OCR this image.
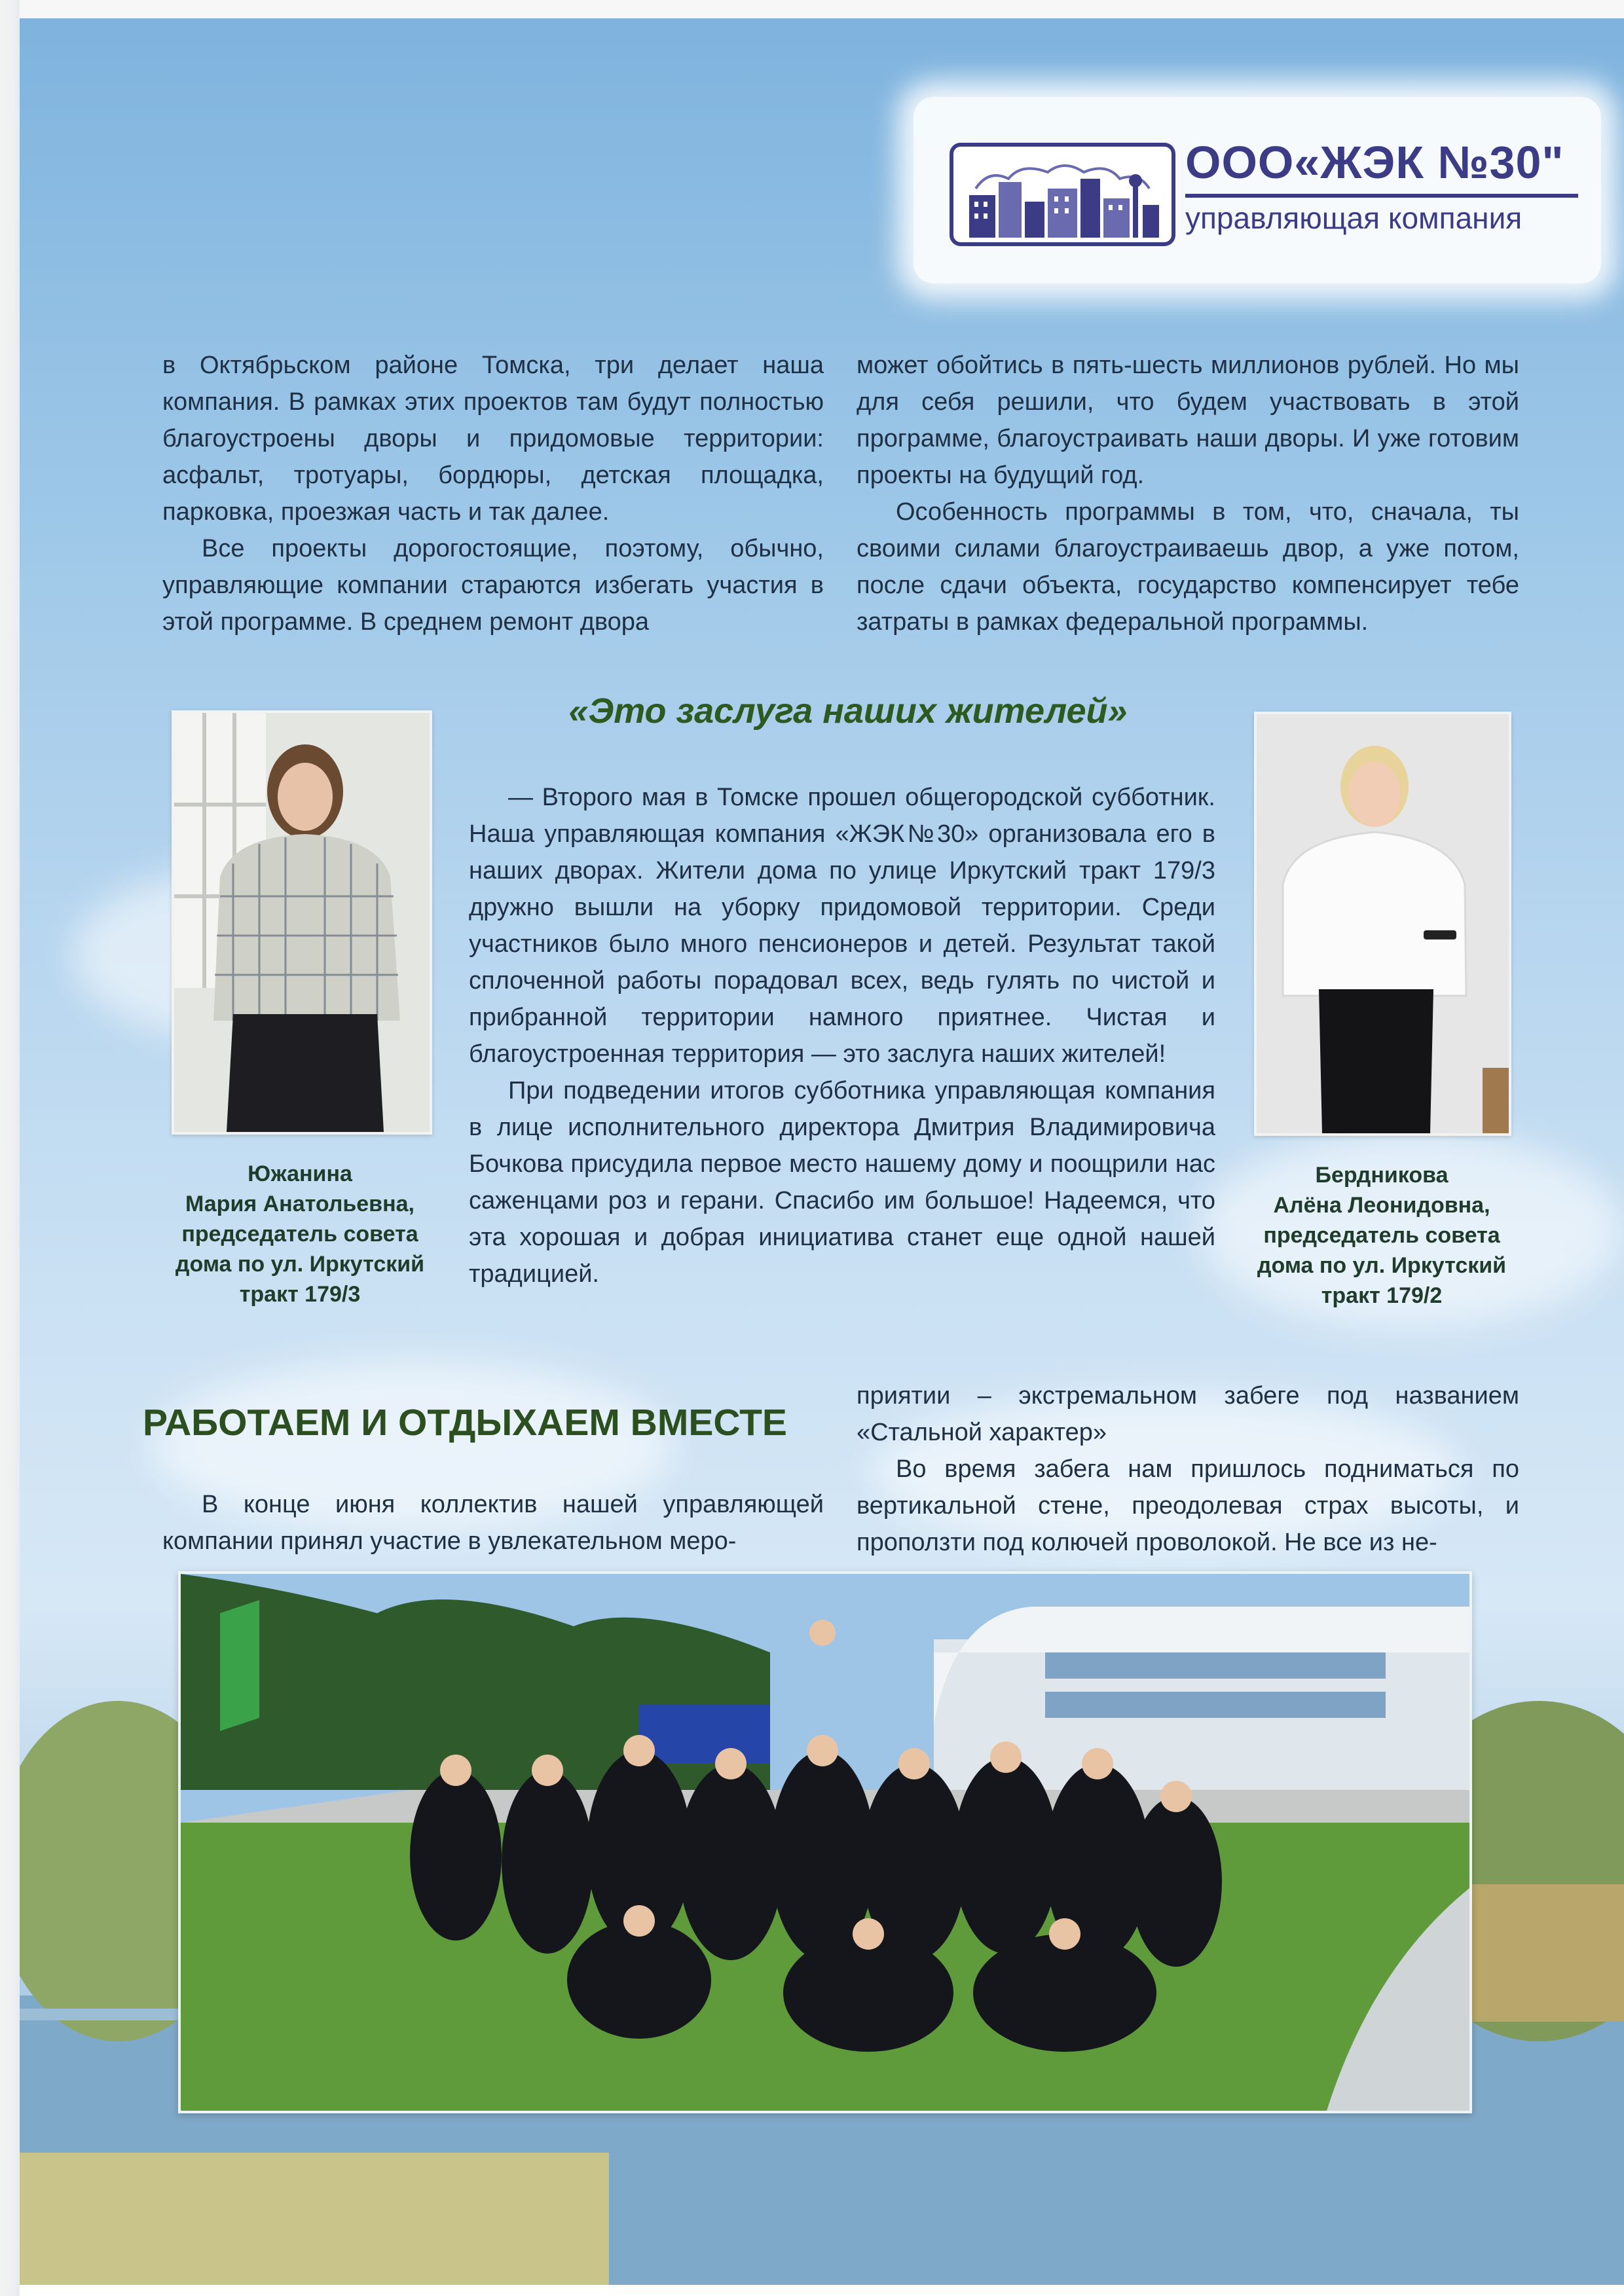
ООО«ЖЭК №30"
управляющая компания

в Октябрьском районе Томска, три делает наша компания. В рамках этих проектов там будут полностью благоустроены дворы и придомовые территории: асфальт, тротуары, бордюры, детская площадка, парковка, проезжая часть и так далее.

Все проекты дорогостоящие, поэтому, обычно, управляющие компании стараются избегать участия в этой программе. В среднем ремонт двора

может обойтись в пять-шесть миллионов рублей. Но мы для себя решили, что будем участвовать в этой программе, благоустраивать наши дворы. И уже готовим проекты на будущий год.

Особенность программы в том, что, сначала, ты своими силами благоустраиваешь двор, а уже потом, после сдачи объекта, государство компенсирует тебе затраты в рамках федеральной программы.

«Это заслуга наших жителей»
Южанина
Мария Анатольевна,
председатель совета
дома по ул. Иркутский
тракт 179/3

— Второго мая в Томске прошел общегородской субботник. Наша управляющая компания «ЖЭК№30» организовала его в наших дворах. Жители дома по улице Иркутский тракт 179/3 дружно вышли на уборку придомовой территории. Среди участников было много пенсионеров и детей. Результат такой сплоченной работы порадовал всех, ведь гулять по чистой и прибранной территории намного приятнее. Чистая и благоустроенная территория — это заслуга наших жителей!

При подведении итогов субботника управляющая компания в лице исполнительного директора Дмитрия Владимировича Бочкова присудила первое место нашему дому и поощрили нас саженцами роз и герани. Спасибо им большое! Надеемся, что эта хорошая и добрая инициатива станет еще одной нашей традицией.

Бердникова
Алёна Леонидовна,
председатель совета
дома по ул. Иркутский
тракт 179/2
РАБОТАЕМ И ОТДЫХАЕМ ВМЕСТЕ

В конце июня коллектив нашей управляющей компании принял участие в увлекательном меро-

приятии – экстремальном забеге под названием «Стальной характер»

Во время забега нам пришлось подниматься по вертикальной стене, преодолевая страх высоты, и проползти под колючей проволокой. Не все из не-
